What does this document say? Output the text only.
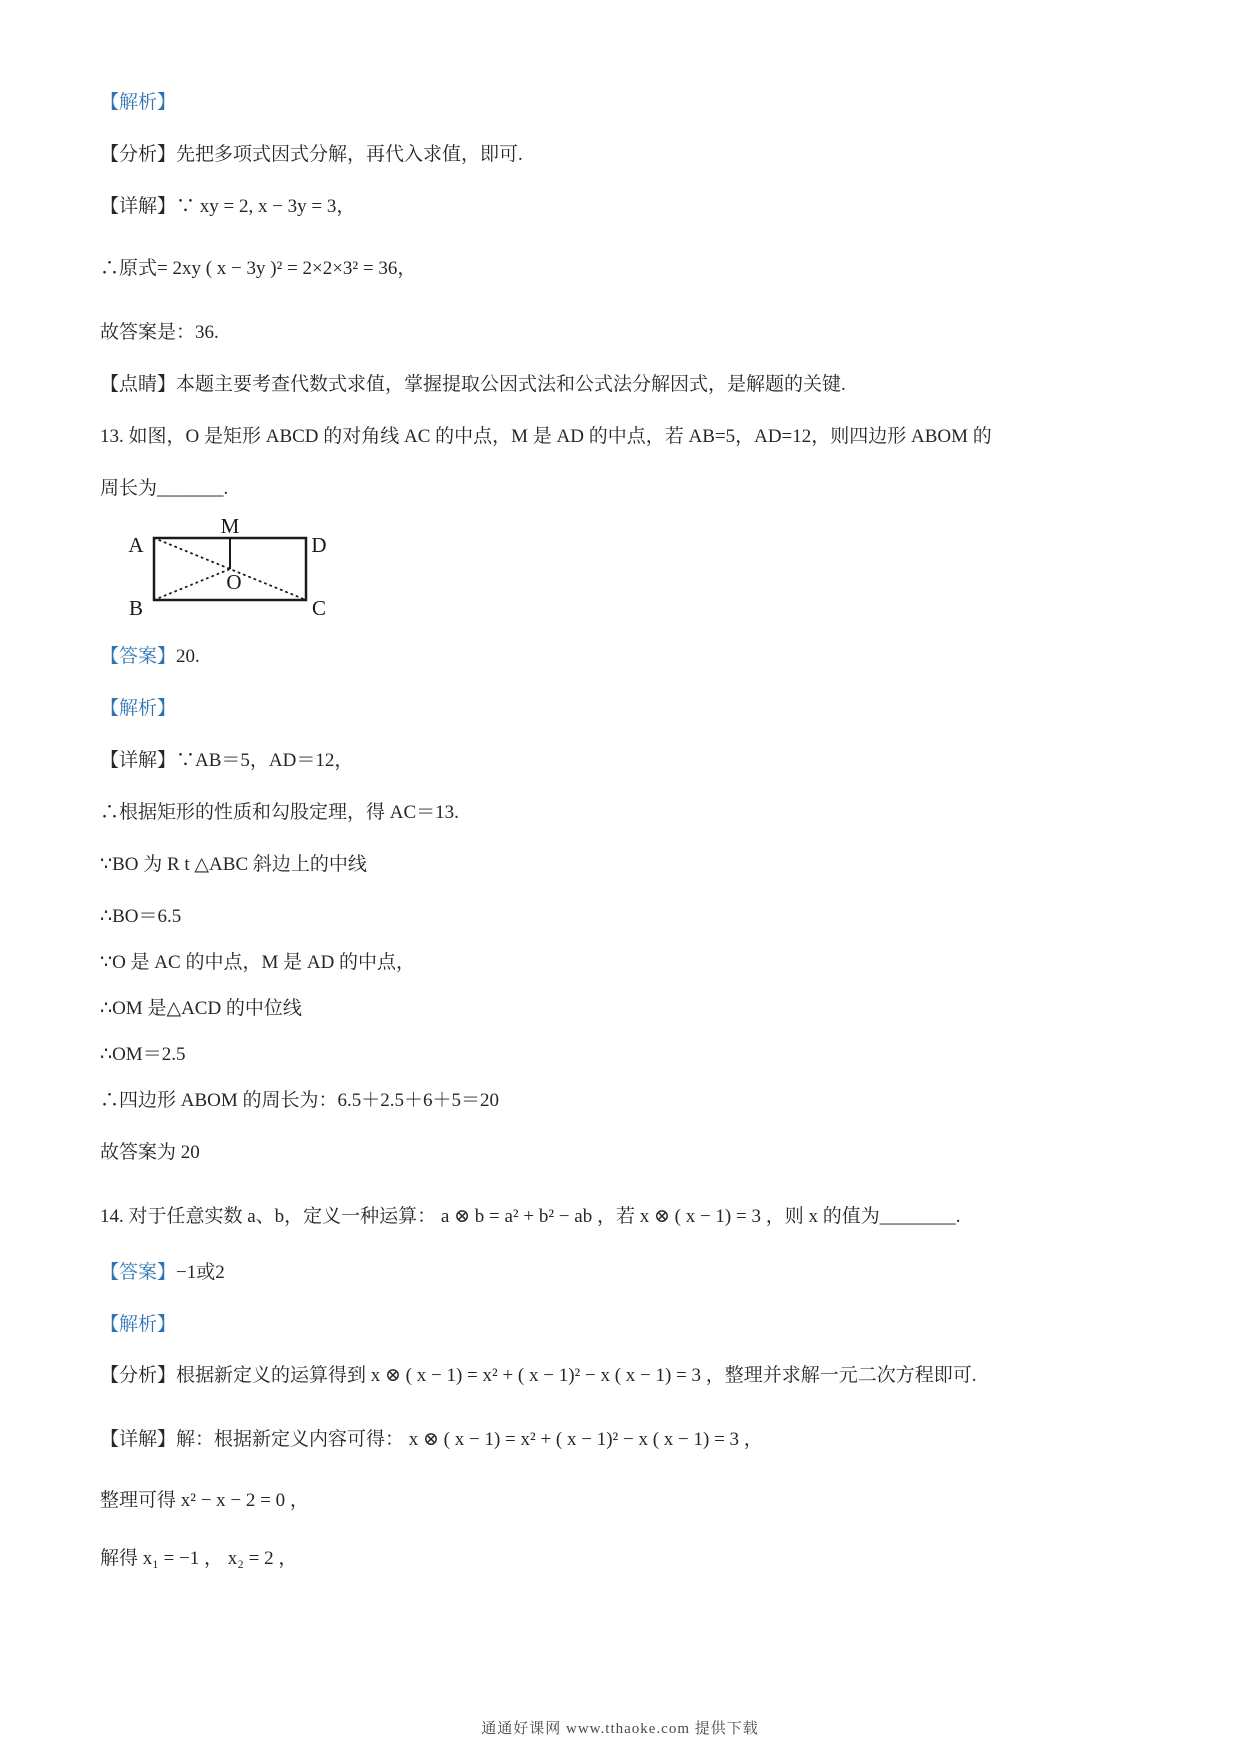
【解析】
【分析】先把多项式因式分解，再代入求值，即可.
【详解】∵ xy = 2, x − 3y = 3，
∴原式= 2xy ( x − 3y )² = 2×2×3² = 36，
故答案是：36.
【点睛】本题主要考查代数式求值，掌握提取公因式法和公式法分解因式，是解题的关键.
13. 如图，O 是矩形 ABCD 的对角线 AC 的中点，M 是 AD 的中点，若 AB=5，AD=12，则四边形 ABOM 的
周长为_______.
A
M
D
B	C
O
【答案】20.
【解析】
【详解】∵AB＝5，AD＝12，
∴根据矩形的性质和勾股定理，得 AC＝13.
∵BO 为 R t △ABC 斜边上的中线
∴BO＝6.5
∵O 是 AC 的中点，M 是 AD 的中点，
∴OM 是△ACD 的中位线
∴OM＝2.5
∴四边形 ABOM 的周长为：6.5＋2.5＋6＋5＝20
故答案为 20
14. 对于任意实数 a、b，定义一种运算： a ⊗ b = a² + b² − ab ，若 x ⊗ ( x − 1) = 3 ，则 x 的值为________.
【答案】−1或2
【解析】
【分析】根据新定义的运算得到 x ⊗ ( x − 1) = x² + ( x − 1)² − x ( x − 1) = 3 ，整理并求解一元二次方程即可.
【详解】解：根据新定义内容可得： x ⊗ ( x − 1) = x² + ( x − 1)² − x ( x − 1) = 3 ，
整理可得 x² − x − 2 = 0 ，
解得 x₁ = −1 ， x₂ = 2 ，
通通好课网 www.tthaoke.com 提供下载
